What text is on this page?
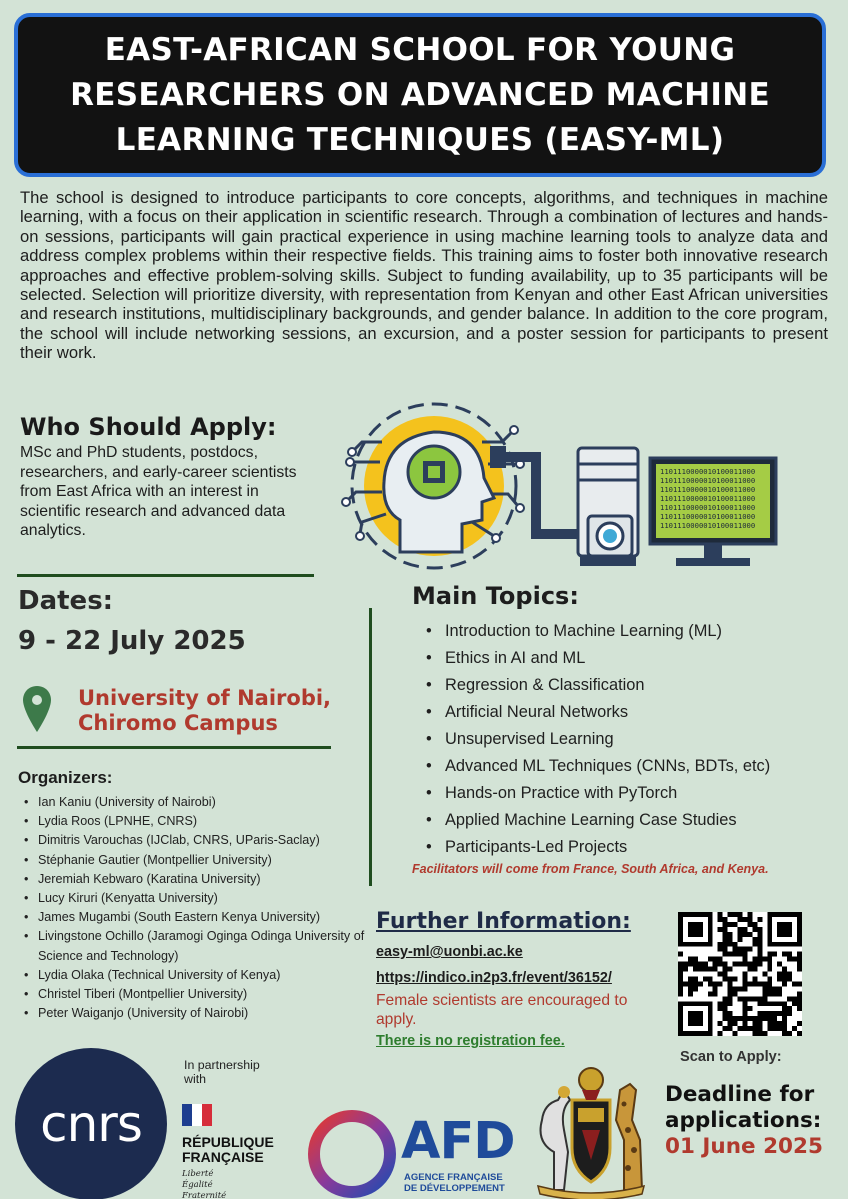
EAST-AFRICAN SCHOOL FOR YOUNG RESEARCHERS ON ADVANCED MACHINE LEARNING TECHNIQUES (EASY-ML)

The school is designed to introduce participants to core concepts, algorithms, and techniques in machine learning, with a focus on their application in scientific research. Through a combination of lectures and hands-on sessions, participants will gain practical experience in using machine learning tools to analyze data and address complex problems within their respective fields. This training aims to foster both innovative research approaches and effective problem-solving skills. Subject to funding availability, up to 35 participants will be selected. Selection will prioritize diversity, with representation from Kenyan and other East African universities and research institutions, multidisciplinary backgrounds, and gender balance. In addition to the core program, the school will include networking sessions, an excursion, and a poster session for participants to present their work.

Who Should Apply:

MSc and PhD students, postdocs, researchers, and early-career scientists from East Africa with an interest in scientific research and advanced data analytics.

1101110000010100011000
1101110000010100011000
1101110000010100011000
1101110000010100011000
1101110000010100011000
1101110000010100011000
1101110000010100011000
Dates:
9 - 22 July 2025
University of Nairobi,
Chiromo Campus
Organizers:
• Ian Kaniu (University of Nairobi)
• Lydia Roos (LPNHE, CNRS)
• Dimitris Varouchas (IJClab, CNRS, UParis-Saclay)
• Stéphanie Gautier (Montpellier University)
• Jeremiah Kebwaro (Karatina University)
• Lucy Kiruri (Kenyatta University)
• James Mugambi (South Eastern Kenya University)
• Livingstone Ochillo (Jaramogi Oginga Odinga University of Science and Technology)
• Lydia Olaka (Technical University of Kenya)
• Christel Tiberi (Montpellier University)
• Peter Waiganjo (University of Nairobi)
Main Topics:
• Introduction to Machine Learning (ML)
• Ethics in AI and ML
• Regression & Classification
• Artificial Neural Networks
• Unsupervised Learning
• Advanced ML Techniques (CNNs, BDTs, etc)
• Hands-on Practice with PyTorch
• Applied Machine Learning Case Studies
• Participants-Led Projects
Facilitators will come from France, South Africa, and Kenya.
Further Information:
easy-ml@uonbi.ac.ke
https://indico.in2p3.fr/event/36152/
Female scientists are encouraged to apply.
There is no registration fee.
Scan to Apply:
Deadline for
applications:
01 June 2025
cnrs
In partnership
with
RÉPUBLIQUE
FRANÇAISE
Liberté
Égalité
Fraternité
AFD
AGENCE FRANÇAISE
DE DÉVELOPPEMENT
